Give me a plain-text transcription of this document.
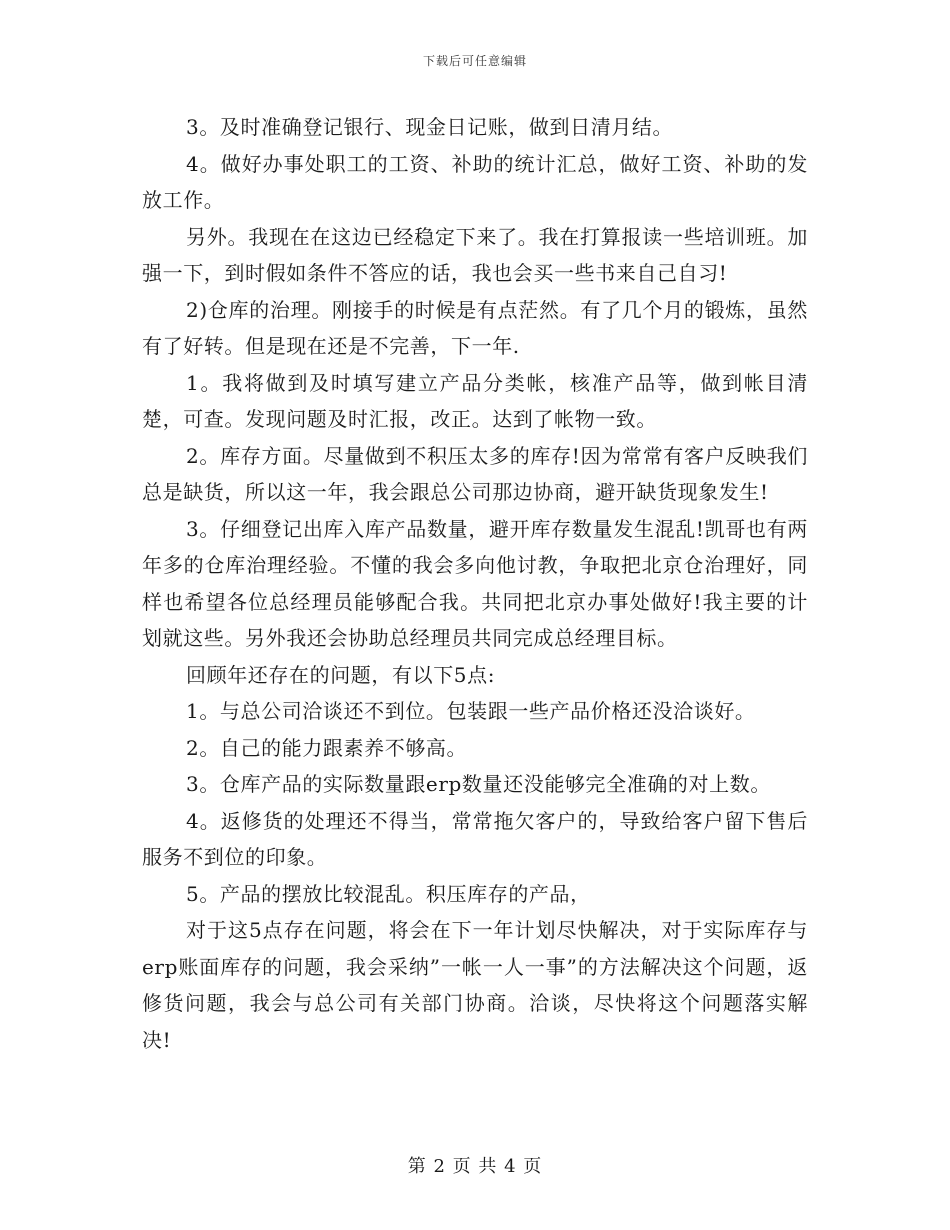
下载后可任意编辑

3。及时准确登记银行、现金日记账，做到日清月结。

4。做好办事处职工的工资、补助的统计汇总，做好工资、补助的发放工作。

另外。我现在在这边已经稳定下来了。我在打算报读一些培训班。加强一下，到时假如条件不答应的话，我也会买一些书来自己自习!

2)仓库的治理。刚接手的时候是有点茫然。有了几个月的锻炼，虽然有了好转。但是现在还是不完善，下一年.

1。我将做到及时填写建立产品分类帐，核准产品等，做到帐目清楚，可查。发现问题及时汇报，改正。达到了帐物一致。

2。库存方面。尽量做到不积压太多的库存!因为常常有客户反映我们总是缺货，所以这一年，我会跟总公司那边协商，避开缺货现象发生!

3。仔细登记出库入库产品数量，避开库存数量发生混乱!凯哥也有两年多的仓库治理经验。不懂的我会多向他讨教，争取把北京仓治理好，同样也希望各位总经理员能够配合我。共同把北京办事处做好!我主要的计划就这些。另外我还会协助总经理员共同完成总经理目标。

回顾年还存在的问题，有以下5点:

1。与总公司洽谈还不到位。包装跟一些产品价格还没洽谈好。

2。自己的能力跟素养不够高。

3。仓库产品的实际数量跟erp数量还没能够完全准确的对上数。

4。返修货的处理还不得当，常常拖欠客户的，导致给客户留下售后服务不到位的印象。

5。产品的摆放比较混乱。积压库存的产品，

对于这5点存在问题，将会在下一年计划尽快解决，对于实际库存与erp账面库存的问题，我会采纳”一帐一人一事”的方法解决这个问题，返修货问题，我会与总公司有关部门协商。洽谈，尽快将这个问题落实解决!

第 2 页 共 4 页
